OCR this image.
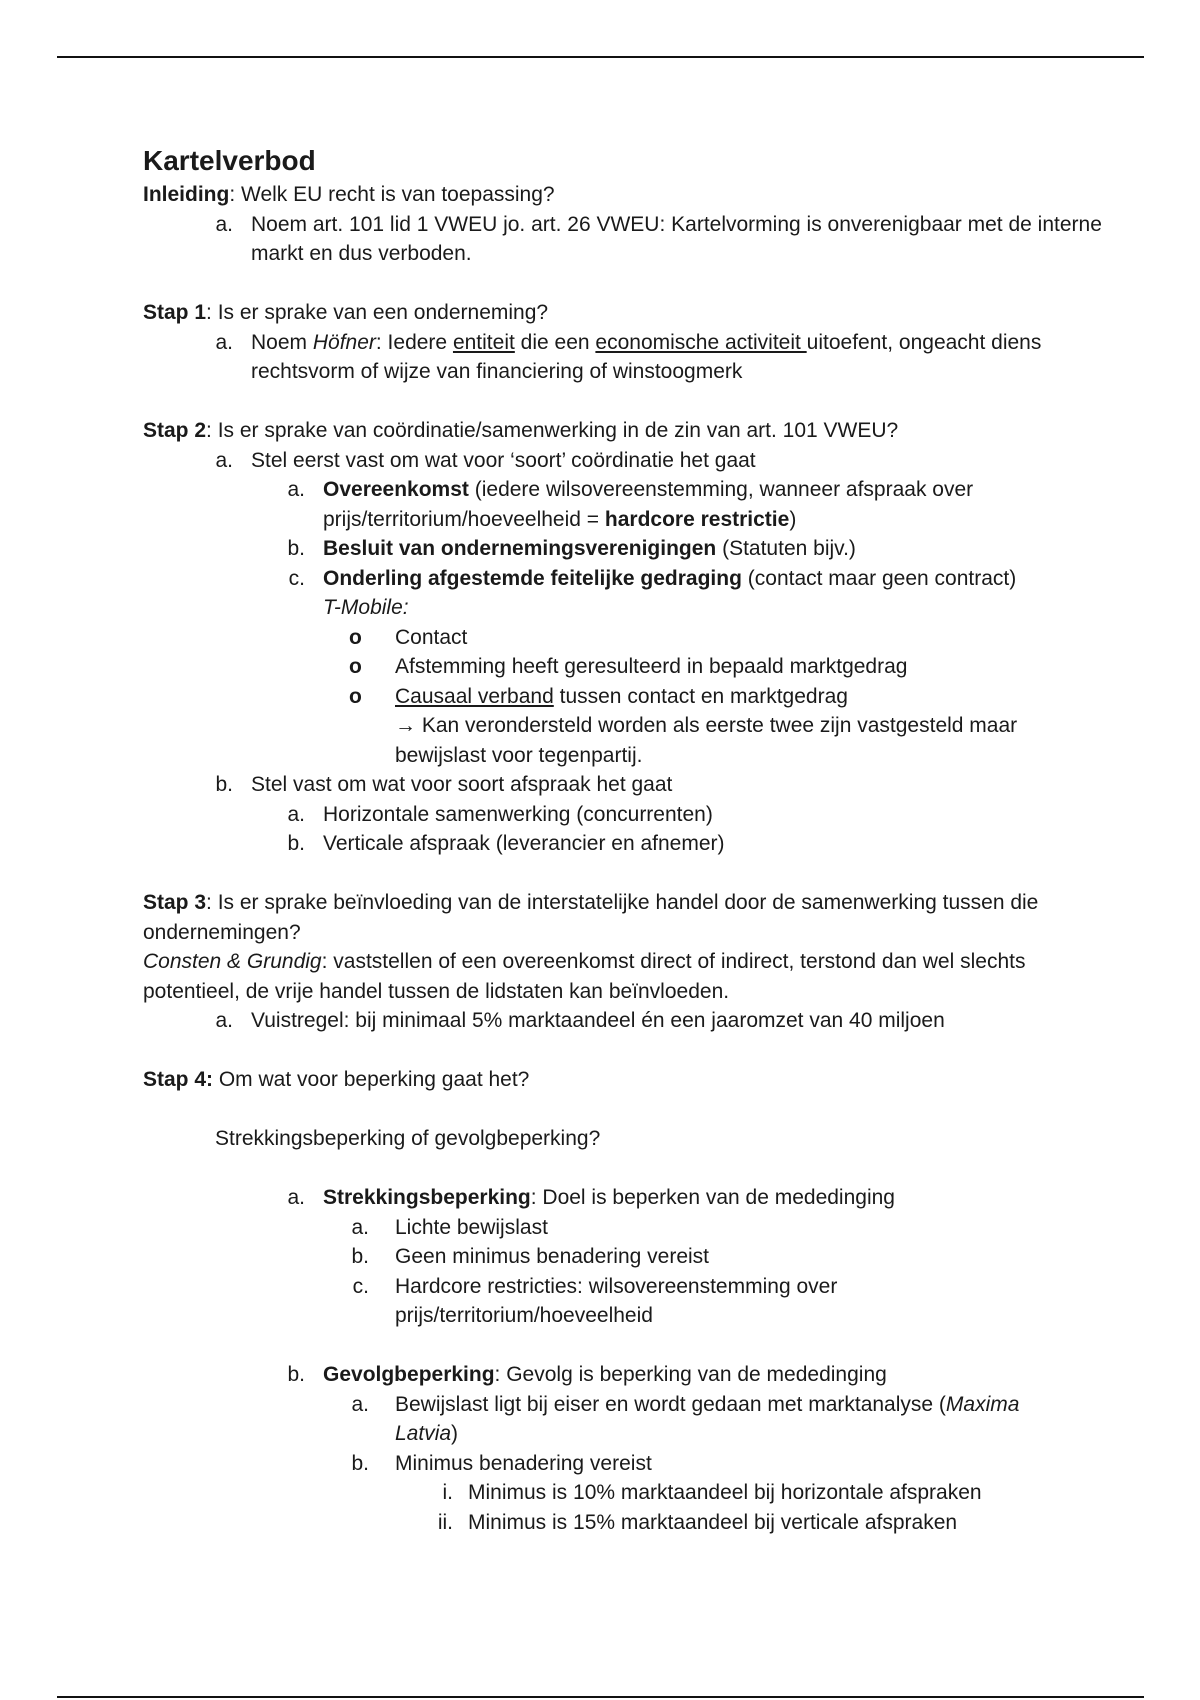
Kartelverbod

Inleiding: Welk EU recht is van toepassing?

a. Noem art. 101 lid 1 VWEU jo. art. 26 VWEU: Kartelvorming is onverenigbaar met de interne markt en dus verboden.

Stap 1: Is er sprake van een onderneming?

a. Noem Höfner: Iedere entiteit die een economische activiteit uitoefent, ongeacht diens rechtsvorm of wijze van financiering of winstoogmerk

Stap 2: Is er sprake van coördinatie/samenwerking in de zin van art. 101 VWEU?

a. Stel eerst vast om wat voor ‘soort’ coördinatie het gaat
a. Overeenkomst (iedere wilsovereenstemming, wanneer afspraak over prijs/territorium/hoeveelheid = hardcore restrictie)
b. Besluit van ondernemingsverenigingen (Statuten bijv.)
c. Onderling afgestemde feitelijke gedraging (contact maar geen contract)

T-Mobile:

o	Contact
o	Afstemming heeft geresulteerd in bepaald marktgedrag
o	Causaal verband tussen contact en marktgedrag

→ Kan verondersteld worden als eerste twee zijn vastgesteld maar bewijslast voor tegenpartij.

b. Stel vast om wat voor soort afspraak het gaat
a. Horizontale samenwerking (concurrenten)
b. Verticale afspraak (leverancier en afnemer)

Stap 3: Is er sprake beïnvloeding van de interstatelijke handel door de samenwerking tussen die ondernemingen?

Consten & Grundig: vaststellen of een overeenkomst direct of indirect, terstond dan wel slechts potentieel, de vrije handel tussen de lidstaten kan beïnvloeden.

a. Vuistregel: bij minimaal 5% marktaandeel én een jaaromzet van 40 miljoen

Stap 4: Om wat voor beperking gaat het?

Strekkingsbeperking of gevolgbeperking?

a. Strekkingsbeperking: Doel is beperken van de mededinging
a. Lichte bewijslast
b. Geen minimus benadering vereist
c. Hardcore restricties: wilsovereenstemming over prijs/territorium/hoeveelheid
b. Gevolgbeperking: Gevolg is beperking van de mededinging
a. Bewijslast ligt bij eiser en wordt gedaan met marktanalyse (Maxima Latvia)
b. Minimus benadering vereist
i. Minimus is 10% marktaandeel bij horizontale afspraken
ii. Minimus is 15% marktaandeel bij verticale afspraken
